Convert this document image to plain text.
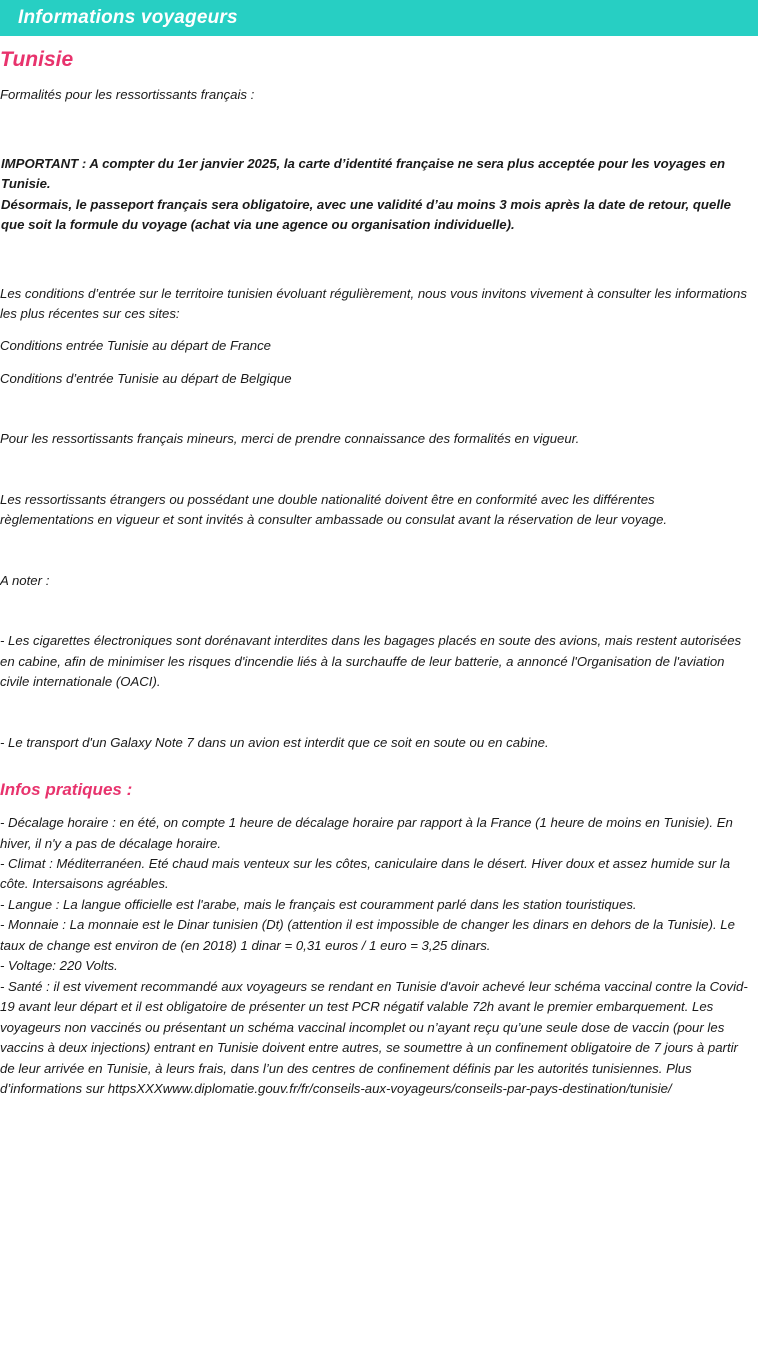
Informations voyageurs
Tunisie

Formalités pour les ressortissants français :

IMPORTANT : A compter du 1er janvier 2025, la carte d’identité française ne sera plus acceptée pour les voyages en Tunisie.

Désormais, le passeport français sera obligatoire, avec une validité d’au moins 3 mois après la date de retour, quelle que soit la formule du voyage (achat via une agence ou organisation individuelle).

Les conditions d’entrée sur le territoire tunisien évoluant régulièrement, nous vous invitons vivement à consulter les informations les plus récentes sur ces sites:

Conditions entrée Tunisie au départ de France

Conditions d’entrée Tunisie au départ de Belgique

Pour les ressortissants français mineurs, merci de prendre connaissance des formalités en vigueur.

Les ressortissants étrangers ou possédant une double nationalité doivent être en conformité avec les différentes règlementations en vigueur et sont invités à consulter ambassade ou consulat avant la réservation de leur voyage.

A noter :

- Les cigarettes électroniques sont dorénavant interdites dans les bagages placés en soute des avions, mais restent autorisées en cabine, afin de minimiser les risques d'incendie liés à la surchauffe de leur batterie, a annoncé l'Organisation de l'aviation civile internationale (OACI).

- Le transport d'un Galaxy Note 7 dans un avion est interdit que ce soit en soute ou en cabine.

Infos pratiques :

- Décalage horaire : en été, on compte 1 heure de décalage horaire par rapport à la France (1 heure de moins en Tunisie). En hiver, il n'y a pas de décalage horaire.

- Climat : Méditerranéen. Eté chaud mais venteux sur les côtes, caniculaire dans le désert. Hiver doux et assez humide sur la côte. Intersaisons agréables.

- Langue : La langue officielle est l'arabe, mais le français est couramment parlé dans les station touristiques.

- Monnaie : La monnaie est le Dinar tunisien (Dt) (attention il est impossible de changer les dinars en dehors de la Tunisie). Le taux de change est environ de (en 2018) 1 dinar = 0,31 euros / 1 euro = 3,25 dinars.

- Voltage: 220 Volts.

- Santé : il est vivement recommandé aux voyageurs se rendant en Tunisie d'avoir achevé leur schéma vaccinal contre la Covid-19 avant leur départ et il est obligatoire de présenter un test PCR négatif valable 72h avant le premier embarquement. Les voyageurs non vaccinés ou présentant un schéma vaccinal incomplet ou n’ayant reçu qu’une seule dose de vaccin (pour les vaccins à deux injections) entrant en Tunisie doivent entre autres, se soumettre à un confinement obligatoire de 7 jours à partir de leur arrivée en Tunisie, à leurs frais, dans l’un des centres de confinement définis par les autorités tunisiennes. Plus d’informations sur httpsXXXwww.diplomatie.gouv.fr/fr/conseils-aux-voyageurs/conseils-par-pays-destination/tunisie/
